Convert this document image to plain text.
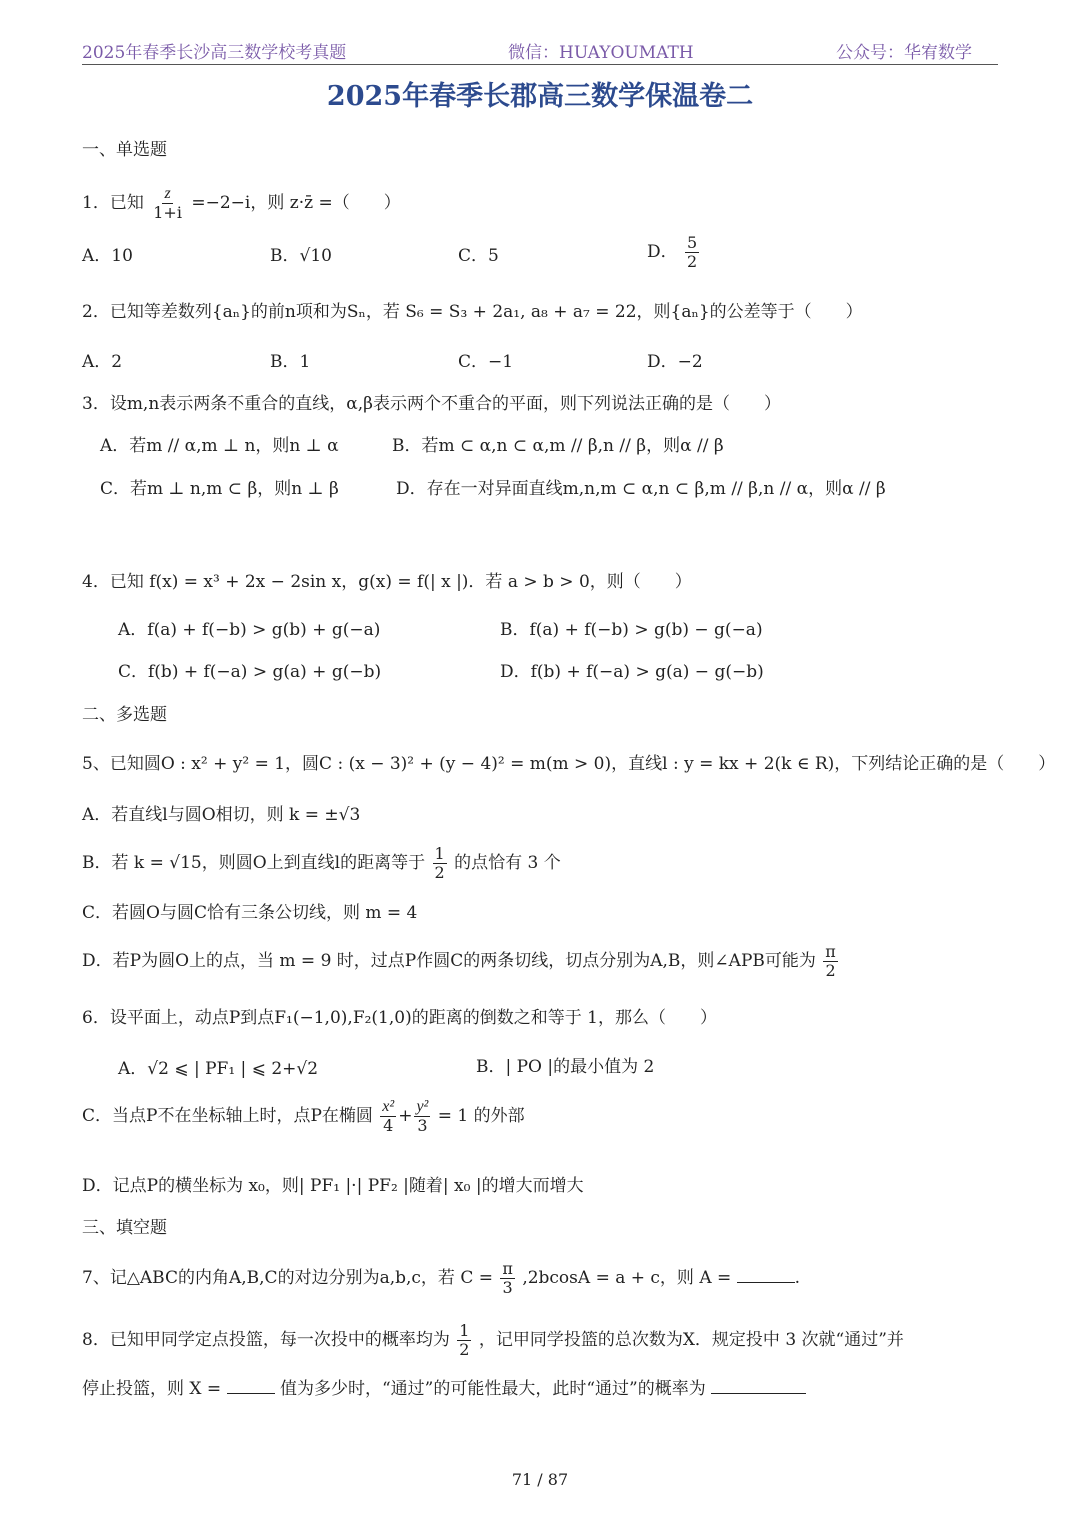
2025年春季长沙高三数学校考真题	微信：HUAYOUMATH	公众号：华宥数学
2025年春季长郡高三数学保温卷二
一、单选题
1．已知 $\frac{z}{1+i} =-2-i$，则 z·z̄ =（　　）
A．10	B．√10	C．5	D． $\frac{5}{2}$
2．已知等差数列{aₙ}的前n项和为Sₙ，若 S₆ = S₃ + 2a₁, a₈ + a₇ = 22，则{aₙ}的公差等于（　　）
A．2	B．1	C．−1	D．−2
3．设m,n表示两条不重合的直线，α,β表示两个不重合的平面，则下列说法正确的是（　　）
A．若m // α,m ⊥ n，则n ⊥ α	B．若m ⊂ α,n ⊂ α,m // β,n // β，则α // β
C．若m ⊥ n,m ⊂ β，则n ⊥ β	D．存在一对异面直线m,n,m ⊂ α,n ⊂ β,m // β,n // α，则α // β
4．已知 f(x) = x³ + 2x − 2sin x，g(x) = f(| x |)．若 a > b > 0，则（　　）
A．f(a) + f(−b) > g(b) + g(−a)	B．f(a) + f(−b) > g(b) − g(−a)
C．f(b) + f(−a) > g(a) + g(−b)	D．f(b) + f(−a) > g(a) − g(−b)
二、多选题
5、已知圆O : x² + y² = 1，圆C : (x − 3)² + (y − 4)² = m(m > 0)，直线l : y = kx + 2(k ∈ R)，下列结论正确的是（　　）
A．若直线l与圆O相切，则 k = ±√3
B．若 k = √15，则圆O上到直线l的距离等于 $\frac{1}{2}$ 的点恰有 3 个
C．若圆O与圆C恰有三条公切线，则 m = 4
D．若P为圆O上的点，当 m = 9 时，过点P作圆C的两条切线，切点分别为A,B，则∠APB可能为 $\frac{\pi}{2}$
6．设平面上，动点P到点F₁(−1,0),F₂(1,0)的距离的倒数之和等于 1，那么（　　）
A．√2 ⩽ | PF₁ | ⩽ 2+√2	B．| PO |的最小值为 2
C．当点P不在坐标轴上时，点P在椭圆 $\frac{\text{x²}}{4} + \frac{\text{y²}}{3} = 1$ 的外部
D．记点P的横坐标为 x₀，则| PF₁ |·| PF₂ |随着| x₀ |的增大而增大
三、填空题
7、记△ABC的内角A,B,C的对边分别为a,b,c，若 $C = \frac{\pi}{3} ,2bcosA = a + c$，则 A =	.
8．已知甲同学定点投篮，每一次投中的概率均为 $\frac{1}{2}$ ，记甲同学投篮的总次数为X．规定投中 3 次就“通过”并
停止投篮，则 X =	值为多少时，“通过”的可能性最大，此时“通过”的概率为
71 / 87
